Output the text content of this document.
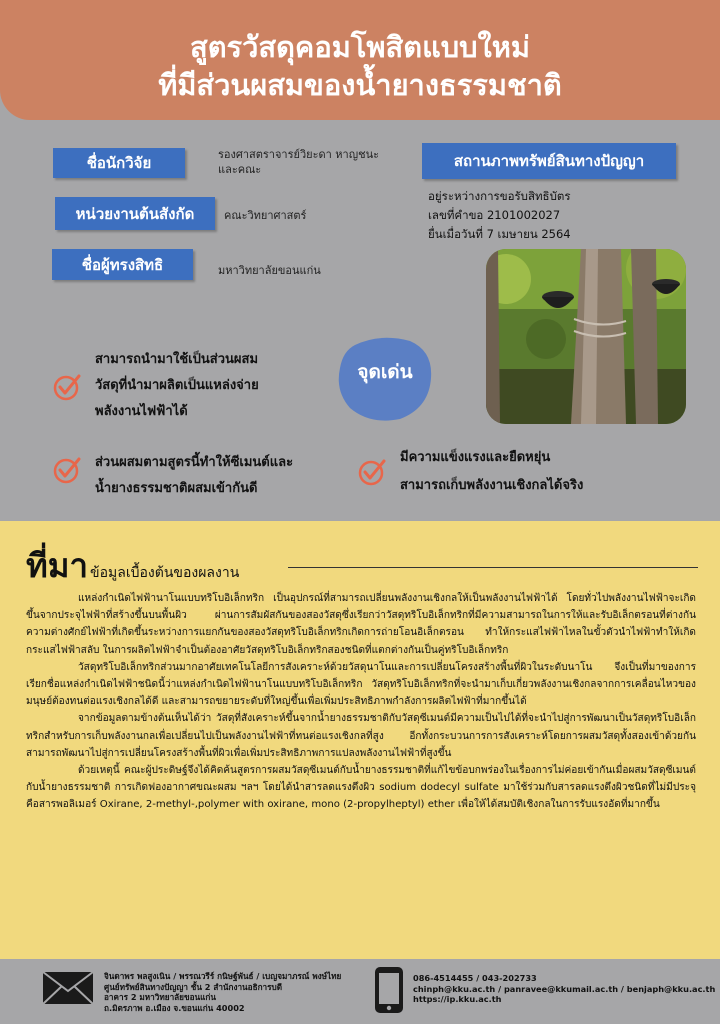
สูตรวัสดุคอมโพสิตแบบใหม่
ที่มีส่วนผสมของน้ำยางธรรมชาติ
ชื่อนักวิจัย	รองศาสตราจารย์วิยะดา หาญชนะ และคณะ
หน่วยงานต้นสังกัด	คณะวิทยาศาสตร์
ชื่อผู้ทรงสิทธิ	มหาวิทยาลัยขอนแก่น
สถานภาพทรัพย์สินทางปัญญา
อยู่ระหว่างการขอรับสิทธิบัตร
เลขที่คำขอ 2101002027
ยื่นเมื่อวันที่ 7 เมษายน 2564
สามารถนำมาใช้เป็นส่วนผสม
วัสดุที่นำมาผลิตเป็นแหล่งจ่าย
พลังงานไฟฟ้าได้
ส่วนผสมตามสูตรนี้ทำให้ซีเมนต์และ
น้ำยางธรรมชาติผสมเข้ากันดี
มีความแข็งแรงและยืดหยุ่น
สามารถเก็บพลังงานเชิงกลได้จริง
จุดเด่น
ที่มา ข้อมูลเบื้องต้นของผลงาน

แหล่งกำเนิดไฟฟ้านาโนแบบทริโบอิเล็กทริก เป็นอุปกรณ์ที่สามารถเปลี่ยนพลังงานเชิงกลให้เป็นพลังงานไฟฟ้าได้ โดยทั่วไปพลังงานไฟฟ้าจะเกิดขึ้นจากประจุไฟฟ้าที่สร้างขึ้นบนพื้นผิว ผ่านการสัมผัสกันของสองวัสดุซึ่งเรียกว่าวัสดุทริโบอิเล็กทริกที่มีความสามารถในการให้และรับอิเล็กตรอนที่ต่างกัน ความต่างศักย์ไฟฟ้าที่เกิดขึ้นระหว่างการแยกกันของสองวัสดุทริโบอิเล็กทริกเกิดการถ่ายโอนอิเล็กตรอน ทำให้กระแสไฟฟ้าไหลในขั้วตัวนำไฟฟ้าทำให้เกิดกระแสไฟฟ้าสลับ ในการผลิตไฟฟ้าจำเป็นต้องอาศัยวัสดุทริโบอิเล็กทริกสองชนิดที่แตกต่างกันเป็นคู่ทริโบอิเล็กทริก

วัสดุทริโบอิเล็กทริกส่วนมากอาศัยเทคโนโลยีการสังเคราะห์ด้วยวัสดุนาโนและการเปลี่ยนโครงสร้างพื้นที่ผิวในระดับนาโน จึงเป็นที่มาของการเรียกชื่อแหล่งกำเนิดไฟฟ้าชนิดนี้ว่าแหล่งกำเนิดไฟฟ้านาโนแบบทริโบอิเล็กทริก วัสดุทริโบอิเล็กทริกที่จะนำมาเก็บเกี่ยวพลังงานเชิงกลจากการเคลื่อนไหวของมนุษย์ต้องทนต่อแรงเชิงกลได้ดี และสามารถขยายระดับที่ใหญ่ขึ้นเพื่อเพิ่มประสิทธิภาพกำลังการผลิตไฟฟ้าที่มากขึ้นได้

จากข้อมูลตามข้างต้นเห็นได้ว่า วัสดุที่สังเคราะห์ขึ้นจากน้ำยางธรรมชาติกับวัสดุซีเมนต์มีความเป็นไปได้ที่จะนำไปสู่การพัฒนาเป็นวัสดุทริโบอิเล็กทริกสำหรับการเก็บพลังงานกลเพื่อเปลี่ยนไปเป็นพลังงานไฟฟ้าที่ทนต่อแรงเชิงกลที่สูง อีกทั้งกระบวนการการสังเคราะห์โดยการผสมวัสดุทั้งสองเข้าด้วยกันสามารถพัฒนาไปสู่การเปลี่ยนโครงสร้างพื้นที่ผิวเพื่อเพิ่มประสิทธิภาพการแปลงพลังงานไฟฟ้าที่สูงขึ้น

ด้วยเหตุนี้ คณะผู้ประดิษฐ์จึงได้คิดค้นสูตรการผสมวัสดุซีเมนต์กับน้ำยางธรรมชาติที่แก้ไขข้อบกพร่องในเรื่องการไม่ค่อยเข้ากันเมื่อผสมวัสดุซีเมนต์กับน้ำยางธรรมชาติ การเกิดฟองอากาศขณะผสม ฯลฯ โดยได้นำสารลดแรงตึงผิว sodium dodecyl sulfate มาใช้ร่วมกับสารลดแรงตึงผิวชนิดที่ไม่มีประจุ คือสารพอลิเมอร์ Oxirane, 2-methyl-,polymer with oxirane, mono (2-propylheptyl) ether เพื่อให้ได้สมบัติเชิงกลในการรับแรงอัดที่มากขึ้น

จินดาพร พลสูงเนิน / พรรณวรีร์ กนิษฐ์พันธ์ / เบญจมาภรณ์ พงษ์ไทย
ศูนย์ทรัพย์สินทางปัญญา ชั้น 2 สำนักงานอธิการบดี
อาคาร 2 มหาวิทยาลัยขอนแก่น
ถ.มิตรภาพ อ.เมือง จ.ขอนแก่น 40002
086-4514455 / 043-202733
chinph@kku.ac.th / panravee@kkumail.ac.th / benjaph@kku.ac.th
https://ip.kku.ac.th
